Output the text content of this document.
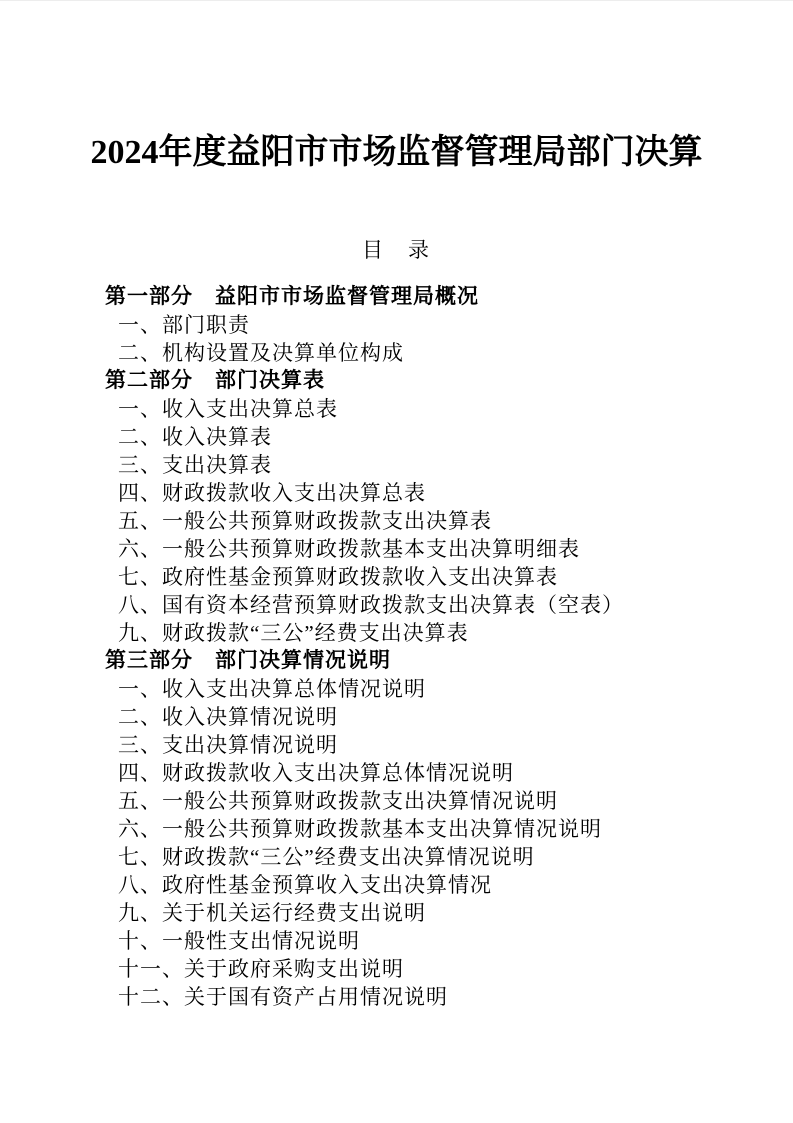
2024年度益阳市市场监督管理局部门决算
目　录
第一部分　益阳市市场监督管理局概况
一、部门职责
二、机构设置及决算单位构成
第二部分　部门决算表
一、收入支出决算总表
二、收入决算表
三、支出决算表
四、财政拨款收入支出决算总表
五、一般公共预算财政拨款支出决算表
六、一般公共预算财政拨款基本支出决算明细表
七、政府性基金预算财政拨款收入支出决算表
八、国有资本经营预算财政拨款支出决算表（空表）
九、财政拨款“三公”经费支出决算表
第三部分　部门决算情况说明
一、收入支出决算总体情况说明
二、收入决算情况说明
三、支出决算情况说明
四、财政拨款收入支出决算总体情况说明
五、一般公共预算财政拨款支出决算情况说明
六、一般公共预算财政拨款基本支出决算情况说明
七、财政拨款“三公”经费支出决算情况说明
八、政府性基金预算收入支出决算情况
九、关于机关运行经费支出说明
十、一般性支出情况说明
十一、关于政府采购支出说明
十二、关于国有资产占用情况说明
